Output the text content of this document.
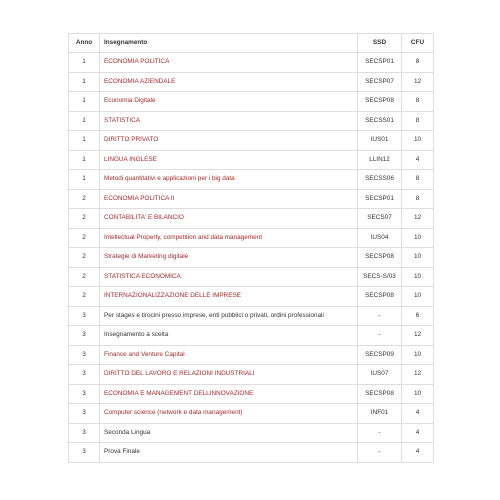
Anno	Insegnamento	SSD	CFU
1	ECONOMIA POLITICA	SECSP01	8
1	ECONOMIA AZIENDALE	SECSP07	12
1	Economia Digitale	SECSP08	8
1	STATISTICA	SECSS01	8
1	DIRITTO PRIVATO	IUS01	10
1	LINGUA INGLESE	LLIN12	4
1	Metodi quantitativi e applicazioni per i big data	SECSS06	8
2	ECONOMIA POLITICA II	SECSP01	8
2	CONTABILITA' E BILANCIO	SECS07	12
2	Intellectual Property, competition and data management	IUS04	10
2	Strategie di Marketing digitale	SECSP08	10
2	STATISTICA ECONOMICA	SECS-S/03	10
2	INTERNAZIONALIZZAZIONE DELLE IMPRESE	SECSP08	10
3	Per stages e tirocini presso imprese, enti pubblici o privati, ordini professionali	-	6
3	Insegnamento a scelta	-	12
3	Finance and Venture Capital	SECSP09	10
3	DIRITTO DEL LAVORO E RELAZIONI INDUSTRIALI	IUS07	12
3	ECONOMIA E MANAGEMENT DELLINNOVAZIONE	SECSP08	10
3	Computer science (network e data management)	INF01	4
3	Seconda Lingua	-	4
3	Prova Finale	-	4
